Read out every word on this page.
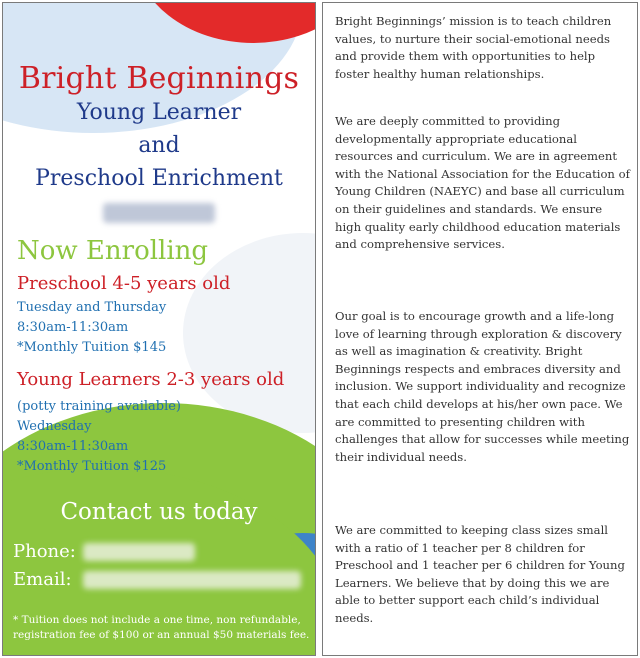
Bright Beginnings
Young Learner
and
Preschool Enrichment
Now Enrolling
Preschool 4-5 years old
Tuesday and Thursday
8:30am-11:30am
*Monthly Tuition $145
Young Learners 2-3 years old
(potty training available)
Wednesday
8:30am-11:30am
*Monthly Tuition $125
Contact us today
Phone:
Email:
* Tuition does not include a one time, non refundable, registration fee of $100 or an annual $50 materials fee.

Bright Beginnings’ mission is to teach children values, to nurture their social-emotional needs and provide them with opportunities to help foster healthy human relationships.

We are deeply committed to providing developmentally appropriate educational resources and curriculum. We are in agreement with the National Association for the Education of Young Children (NAEYC) and base all curriculum on their guidelines and standards. We ensure high quality early childhood education materials and comprehensive services.

Our goal is to encourage growth and a life-long love of learning through exploration & discovery as well as imagination & creativity. Bright Beginnings respects and embraces diversity and inclusion. We support individuality and recognize that each child develops at his/her own pace. We are committed to presenting children with challenges that allow for successes while meeting their individual needs.

We are committed to keeping class sizes small with a ratio of 1 teacher per 8 children for Preschool and 1 teacher per 6 children for Young Learners. We believe that by doing this we are able to better support each child’s individual needs.
